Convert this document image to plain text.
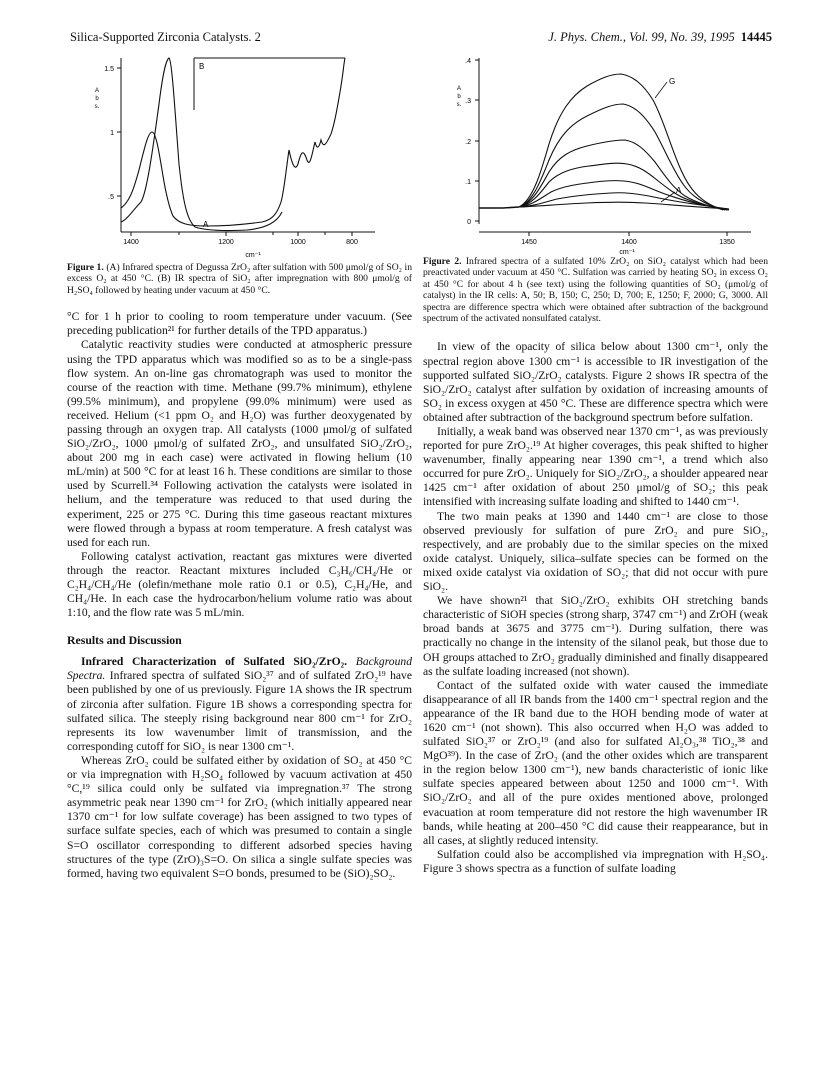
Silica-Supported Zirconia Catalysts. 2	J. Phys. Chem., Vol. 99, No. 39, 1995 14445
1.5
1
.5
A
b
s.
1400	1200	1000	800
cm⁻¹
B
A

Figure 1. (A) Infrared spectra of Degussa ZrO₂ after sulfation with 500 μmol/g of SO₂ in excess O₂ at 450 °C. (B) IR spectra of SiO₂ after impregnation with 800 μmol/g of H₂SO₄ followed by heating under vacuum at 450 °C.

°C for 1 h prior to cooling to room temperature under vacuum. (See preceding publication²¹ for further details of the TPD apparatus.)

Catalytic reactivity studies were conducted at atmospheric pressure using the TPD apparatus which was modified so as to be a single-pass flow system. An on-line gas chromatograph was used to monitor the course of the reaction with time. Methane (99.7% minimum), ethylene (99.5% minimum), and propylene (99.0% minimum) were used as received. Helium (<1 ppm O₂ and H₂O) was further deoxygenated by passing through an oxygen trap. All catalysts (1000 μmol/g of sulfated SiO₂/ZrO₂, 1000 μmol/g of sulfated ZrO₂, and unsulfated SiO₂/ZrO₂, about 200 mg in each case) were activated in flowing helium (10 mL/min) at 500 °C for at least 16 h. These conditions are similar to those used by Scurrell.³⁴ Following activation the catalysts were isolated in helium, and the temperature was reduced to that used during the experiment, 225 or 275 °C. During this time gaseous reactant mixtures were flowed through a bypass at room temperature. A fresh catalyst was used for each run.

Following catalyst activation, reactant gas mixtures were diverted through the reactor. Reactant mixtures included C₃H₆/CH₄/He or C₂H₄/CH₄/He (olefin/methane mole ratio 0.1 or 0.5), C₂H₄/He, and CH₄/He. In each case the hydrocarbon/helium volume ratio was about 1:10, and the flow rate was 5 mL/min.

Results and Discussion

Infrared Characterization of Sulfated SiO₂/ZrO₂. Background Spectra. Infrared spectra of sulfated SiO₂³⁷ and of sulfated ZrO₂¹⁹ have been published by one of us previously. Figure 1A shows the IR spectrum of zirconia after sulfation. Figure 1B shows a corresponding spectra for sulfated silica. The steeply rising background near 800 cm⁻¹ for ZrO₂ represents its low wavenumber limit of transmission, and the corresponding cutoff for SiO₂ is near 1300 cm⁻¹.

Whereas ZrO₂ could be sulfated either by oxidation of SO₂ at 450 °C or via impregnation with H₂SO₄ followed by vacuum activation at 450 °C,¹⁹ silica could only be sulfated via impregnation.³⁷ The strong asymmetric peak near 1390 cm⁻¹ for ZrO₂ (which initially appeared near 1370 cm⁻¹ for low sulfate coverage) has been assigned to two types of surface sulfate species, each of which was presumed to contain a single S=O oscillator corresponding to different adsorbed species having structures of the type (ZrO)₃S=O. On silica a single sulfate species was formed, having two equivalent S=O bonds, presumed to be (SiO)₂SO₂.

.4
.3
.2
.1
0
A
b
s.
1450	1400	1350
G
A
cm⁻¹

Figure 2. Infrared spectra of a sulfated 10% ZrO₂ on SiO₂ catalyst which had been preactivated under vacuum at 450 °C. Sulfation was carried by heating SO₂ in excess O₂ at 450 °C for about 4 h (see text) using the following quantities of SO₂ (μmol/g of catalyst) in the IR cells: A, 50; B, 150; C, 250; D, 700; E, 1250; F, 2000; G, 3000. All spectra are difference spectra which were obtained after subtraction of the background spectrum of the activated nonsulfated catalyst.

In view of the opacity of silica below about 1300 cm⁻¹, only the spectral region above 1300 cm⁻¹ is accessible to IR investigation of the supported sulfated SiO₂/ZrO₂ catalysts. Figure 2 shows IR spectra of the SiO₂/ZrO₂ catalyst after sulfation by oxidation of increasing amounts of SO₂ in excess oxygen at 450 °C. These are difference spectra which were obtained after subtraction of the background spectrum before sulfation.

Initially, a weak band was observed near 1370 cm⁻¹, as was previously reported for pure ZrO₂.¹⁹ At higher coverages, this peak shifted to higher wavenumber, finally appearing near 1390 cm⁻¹, a trend which also occurred for pure ZrO₂. Uniquely for SiO₂/ZrO₂, a shoulder appeared near 1425 cm⁻¹ after oxidation of about 250 μmol/g of SO₂; this peak intensified with increasing sulfate loading and shifted to 1440 cm⁻¹.

The two main peaks at 1390 and 1440 cm⁻¹ are close to those observed previously for sulfation of pure ZrO₂ and pure SiO₂, respectively, and are probably due to the similar species on the mixed oxide catalyst. Uniquely, silica–sulfate species can be formed on the mixed oxide catalyst via oxidation of SO₂; that did not occur with pure SiO₂.

We have shown²¹ that SiO₂/ZrO₂ exhibits OH stretching bands characteristic of SiOH species (strong sharp, 3747 cm⁻¹) and ZrOH (weak broad bands at 3675 and 3775 cm⁻¹). During sulfation, there was practically no change in the intensity of the silanol peak, but those due to OH groups attached to ZrO₂ gradually diminished and finally disappeared as the sulfate loading increased (not shown).

Contact of the sulfated oxide with water caused the immediate disappearance of all IR bands from the 1400 cm⁻¹ spectral region and the appearance of the IR band due to the HOH bending mode of water at 1620 cm⁻¹ (not shown). This also occurred when H₂O was added to sulfated SiO₂³⁷ or ZrO₂¹⁹ (and also for sulfated Al₂O₃,³⁸ TiO₂,³⁸ and MgO³⁹). In the case of ZrO₂ (and the other oxides which are transparent in the region below 1300 cm⁻¹), new bands characteristic of ionic like sulfate species appeared between about 1250 and 1000 cm⁻¹. With SiO₂/ZrO₂ and all of the pure oxides mentioned above, prolonged evacuation at room temperature did not restore the high wavenumber IR bands, while heating at 200–450 °C did cause their reappearance, but in all cases, at slightly reduced intensity.

Sulfation could also be accomplished via impregnation with H₂SO₄. Figure 3 shows spectra as a function of sulfate loading
